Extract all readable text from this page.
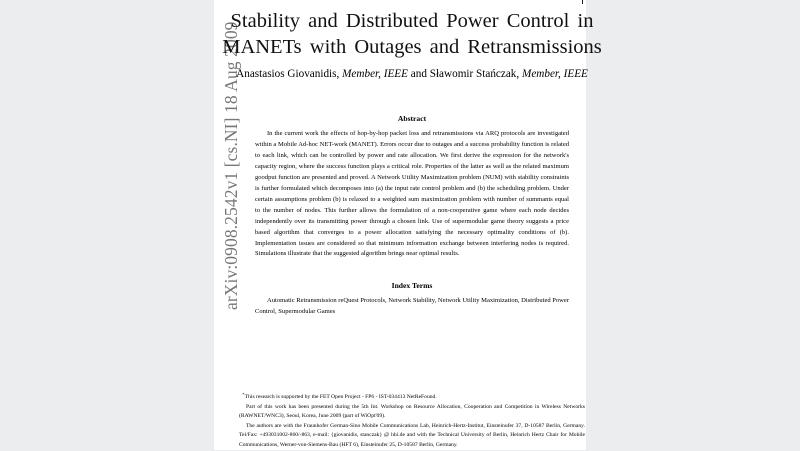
arXiv:0908.2542v1 [cs.NI] 18 Aug 2009
Stability and Distributed Power Control in MANETs with Outages and Retransmissions
Anastasios Giovanidis, Member, IEEE and Sławomir Stańczak, Member, IEEE
Abstract
In the current work the effects of hop-by-hop packet loss and retransmissions via ARQ protocols are investigated within a Mobile Ad-hoc NET-work (MANET). Errors occur due to outages and a success probability function is related to each link, which can be controlled by power and rate allocation. We first derive the expression for the network's capacity region, where the success function plays a critical role. Properties of the latter as well as the related maximum goodput function are presented and proved. A Network Utility Maximization problem (NUM) with stability constraints is further formulated which decomposes into (a) the input rate control problem and (b) the scheduling problem. Under certain assumptions problem (b) is relaxed to a weighted sum maximization problem with number of summants equal to the number of nodes. This further allows the formulation of a non-cooperative game where each node decides independently over its transmitting power through a chosen link. Use of supermodular game theory suggests a price based algorithm that converges to a power allocation satisfying the necessary optimality conditions of (b). Implementation issues are considered so that minimum information exchange between interfering nodes is required. Simulations illustrate that the suggested algorithm brings near optimal results.
Index Terms
Automatic Retransmission reQuest Protocols, Network Stability, Network Utility Maximization, Distributed Power Control, Supermodular Games

∗This research is supported by the FET Open Project - FP6 - IST-034413 NetReFound.

Part of this work has been presented during the 5th Int. Workshop on Resource Allocation, Cooperation and Competition in Wireless Networks (RAWNET/WNC3), Seoul, Korea, June 2009 (part of WiOpt'09).

The authors are with the Fraunhofer German-Sino Mobile Communications Lab, Heinrich-Hertz-Institut, Einsteinufer 37, D-10587 Berlin, Germany. Tel/Fax: +493031002-860/-863, e-mail: {giovanidis, stanczak} @ hhi.de and with the Technical University of Berlin, Heinrich Hertz Chair for Mobile Communications, Werner-von-Siemens-Bau (HFT 6), Einsteinufer 25, D-10587 Berlin, Germany.
